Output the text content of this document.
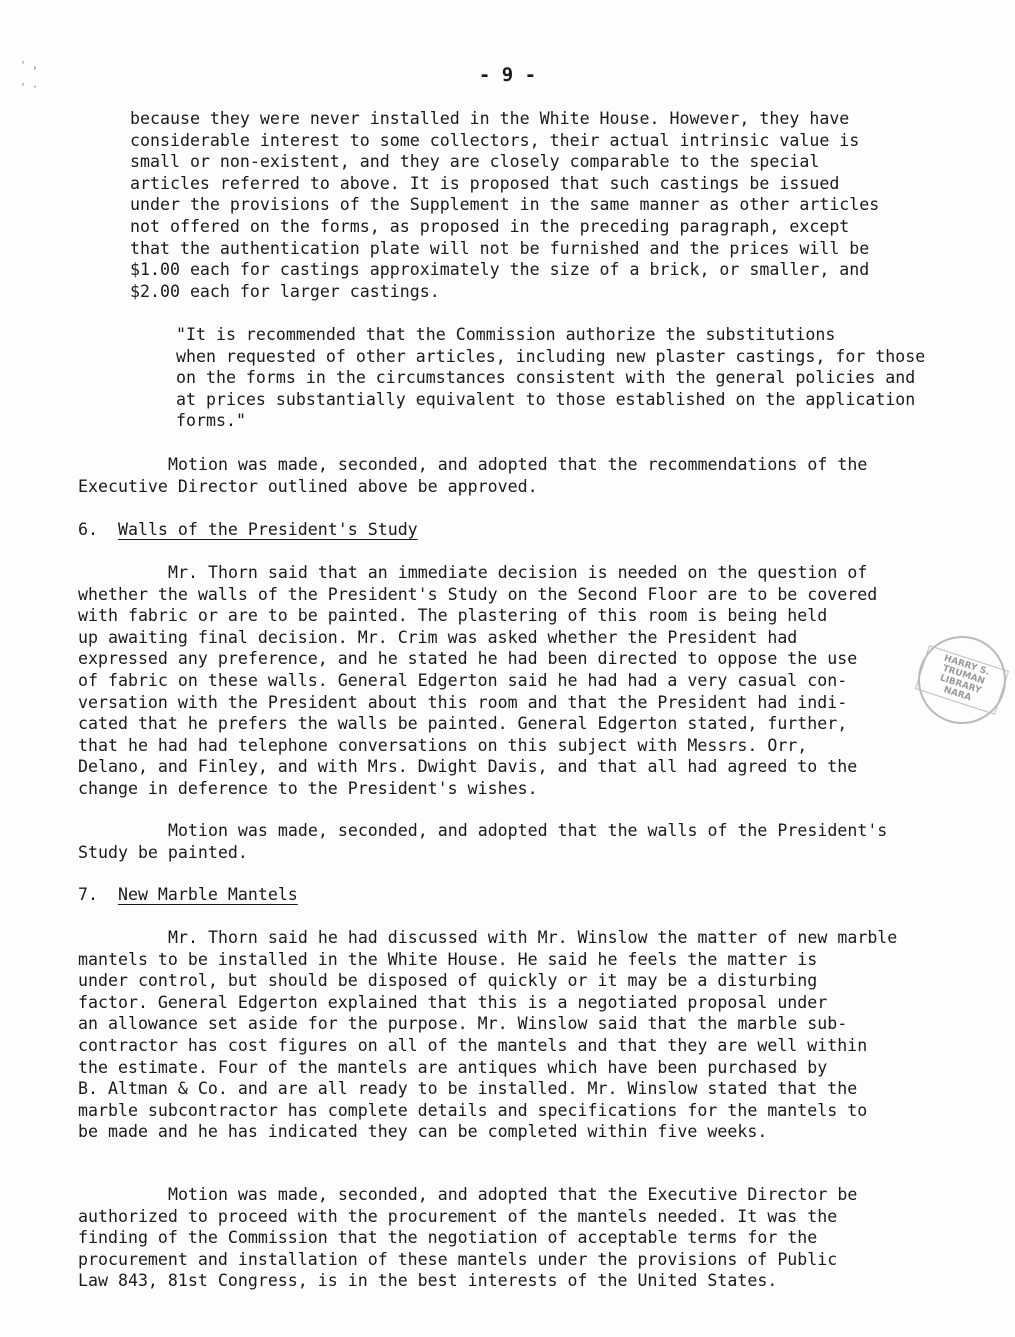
' ,

' ·
- 9 -
because they were never installed in the White House. However, they have
considerable interest to some collectors, their actual intrinsic value is
small or non-existent, and they are closely comparable to the special
articles referred to above. It is proposed that such castings be issued
under the provisions of the Supplement in the same manner as other articles
not offered on the forms, as proposed in the preceding paragraph, except
that the authentication plate will not be furnished and the prices will be
$1.00 each for castings approximately the size of a brick, or smaller, and
$2.00 each for larger castings.
"It is recommended that the Commission authorize the substitutions
when requested of other articles, including new plaster castings, for those
on the forms in the circumstances consistent with the general policies and
at prices substantially equivalent to those established on the application
forms."
Motion was made, seconded, and adopted that the recommendations of the
Executive Director outlined above be approved.
6. Walls of the President's Study
Mr. Thorn said that an immediate decision is needed on the question of
whether the walls of the President's Study on the Second Floor are to be covered
with fabric or are to be painted. The plastering of this room is being held
up awaiting final decision. Mr. Crim was asked whether the President had
expressed any preference, and he stated he had been directed to oppose the use
of fabric on these walls. General Edgerton said he had had a very casual con-
versation with the President about this room and that the President had indi-
cated that he prefers the walls be painted. General Edgerton stated, further,
that he had had telephone conversations on this subject with Messrs. Orr,
Delano, and Finley, and with Mrs. Dwight Davis, and that all had agreed to the
change in deference to the President's wishes.
Motion was made, seconded, and adopted that the walls of the President's
Study be painted.
7. New Marble Mantels
Mr. Thorn said he had discussed with Mr. Winslow the matter of new marble
mantels to be installed in the White House. He said he feels the matter is
under control, but should be disposed of quickly or it may be a disturbing
factor. General Edgerton explained that this is a negotiated proposal under
an allowance set aside for the purpose. Mr. Winslow said that the marble sub-
contractor has cost figures on all of the mantels and that they are well within
the estimate. Four of the mantels are antiques which have been purchased by
B. Altman & Co. and are all ready to be installed. Mr. Winslow stated that the
marble subcontractor has complete details and specifications for the mantels to
be made and he has indicated they can be completed within five weeks.
Motion was made, seconded, and adopted that the Executive Director be
authorized to proceed with the procurement of the mantels needed. It was the
finding of the Commission that the negotiation of acceptable terms for the
procurement and installation of these mantels under the provisions of Public
Law 843, 81st Congress, is in the best interests of the United States.
HARRY S. TRUMAN LIBRARY NARA
